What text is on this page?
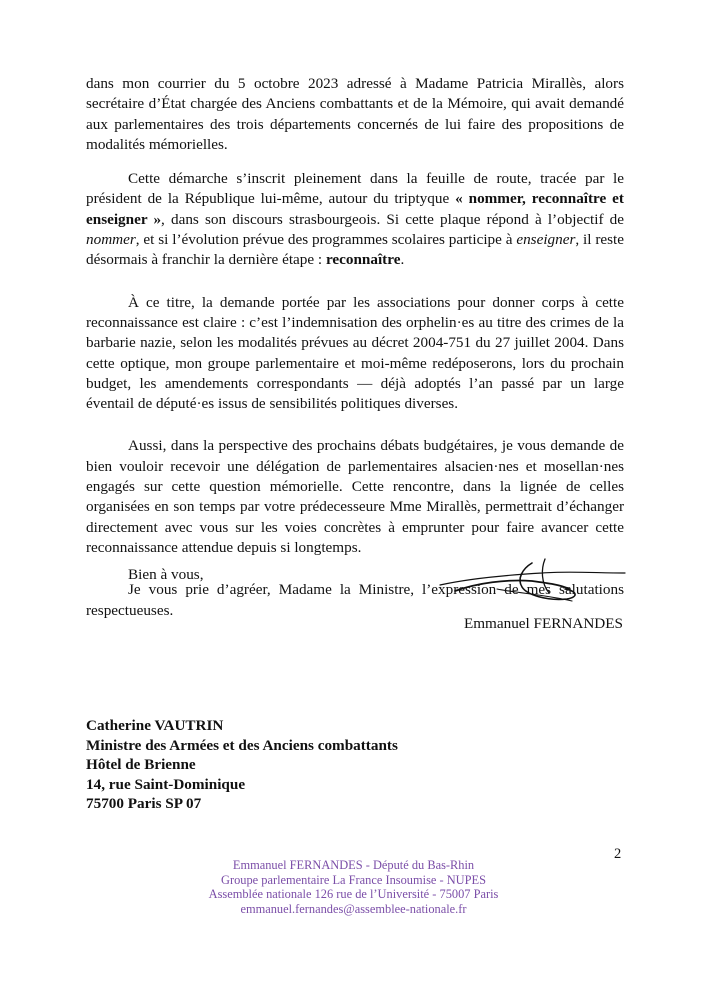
dans mon courrier du 5 octobre 2023 adressé à Madame Patricia Mirallès, alors secrétaire d’État chargée des Anciens combattants et de la Mémoire, qui avait demandé aux parlementaires des trois départements concernés de lui faire des propositions de modalités mémorielles.

Cette démarche s’inscrit pleinement dans la feuille de route, tracée par le président de la République lui-même, autour du triptyque « nommer, reconnaître et enseigner », dans son discours strasbourgeois. Si cette plaque répond à l’objectif de nommer, et si l’évolution prévue des programmes scolaires participe à enseigner, il reste désormais à franchir la dernière étape : reconnaître.

À ce titre, la demande portée par les associations pour donner corps à cette reconnaissance est claire : c’est l’indemnisation des orphelin·es au titre des crimes de la barbarie nazie, selon les modalités prévues au décret 2004-751 du 27 juillet 2004. Dans cette optique, mon groupe parlementaire et moi-même redéposerons, lors du prochain budget, les amendements correspondants — déjà adoptés l’an passé par un large éventail de député·es issus de sensibilités politiques diverses.

Aussi, dans la perspective des prochains débats budgétaires, je vous demande de bien vouloir recevoir une délégation de parlementaires alsacien·nes et mosellan·nes engagés sur cette question mémorielle. Cette rencontre, dans la lignée de celles organisées en son temps par votre prédecesseure Mme Mirallès, permettrait d’échanger directement avec vous sur les voies concrètes à emprunter pour faire avancer cette reconnaissance attendue depuis si longtemps.

Je vous prie d’agréer, Madame la Ministre, l’expression de mes salutations respectueuses.

Bien à vous,
Emmanuel FERNANDES
Catherine VAUTRIN
Ministre des Armées et des Anciens combattants
Hôtel de Brienne
14, rue Saint-Dominique
75700 Paris SP 07
2
Emmanuel FERNANDES - Député du Bas-Rhin
Groupe parlementaire La France Insoumise - NUPES
Assemblée nationale 126 rue de l’Université - 75007 Paris
emmanuel.fernandes@assemblee-nationale.fr
